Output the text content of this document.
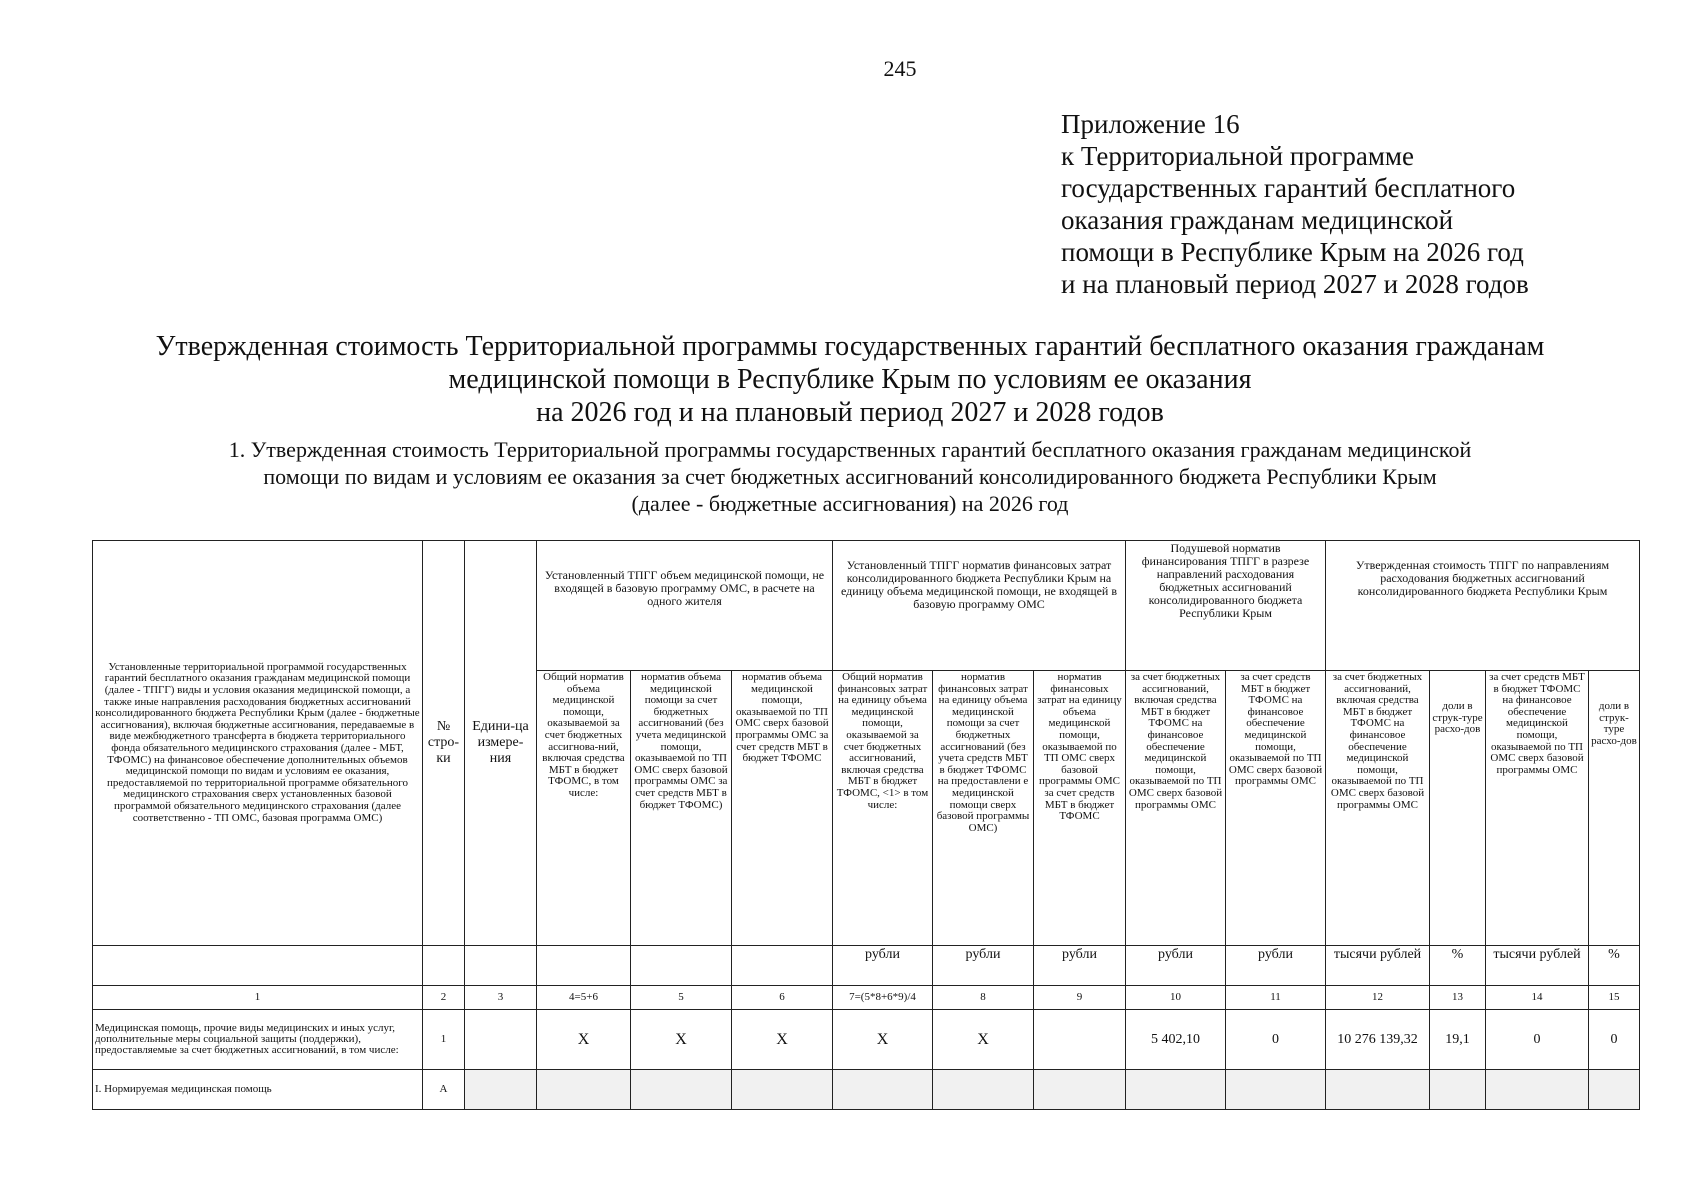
245
Приложение 16
к Территориальной программе
государственных гарантий бесплатного
оказания гражданам медицинской
помощи в Республике Крым на 2026 год
и на плановый период 2027 и 2028 годов
Утвержденная стоимость Территориальной программы государственных гарантий бесплатного оказания гражданам
медицинской помощи в Республике Крым по условиям ее оказания
на 2026 год и на плановый период 2027 и 2028 годов
1. Утвержденная стоимость Территориальной программы государственных гарантий бесплатного оказания гражданам медицинской
помощи по видам и условиям ее оказания за счет бюджетных ассигнований консолидированного бюджета Республики Крым
(далее - бюджетные ассигнования) на 2026 год
Установленные территориальной программой государственных гарантий бесплатного оказания гражданам медицинской помощи (далее - ТПГГ) виды и условия оказания медицинской помощи, а также иные направления расходования бюджетных ассигнований консолидированного бюджета Республики Крым (далее - бюджетные ассигнования), включая бюджетные ассигнования, передаваемые в виде межбюджетного трансферта в бюджета территориального фонда обязательного медицинского страхования (далее - МБТ, ТФОМС) на финансовое обеспечение дополнительных объемов медицинской помощи по видам и условиям ее оказания, предоставляемой по территориальной программе обязательного медицинского страхования сверх установленных базовой программой обязательного медицинского страхования (далее соответственно - ТП ОМС, базовая программа ОМС)	№ стро-ки	Едини-ца измере-ния	Установленный ТПГГ объем медицинской помощи, не входящей в базовую программу ОМС, в расчете на одного жителя			Установленный ТПГГ норматив финансовых затрат консолидированного бюджета Республики Крым на единицу объема медицинской помощи, не входящей в базовую программу ОМС			Подушевой норматив финансирования ТПГГ в разрезе направлений расходования бюджетных ассигнований консолидированного бюджета Республики Крым		Утвержденная стоимость ТПГГ по направлениям расходования бюджетных ассигнований консолидированного бюджета Республики Крым			
			Общий норматив объема медицинской помощи, оказываемой за счет бюджетных ассигнова-ний, включая средства МБТ в бюджет ТФОМС, в том числе:	норматив объема медицинской помощи за счет бюджетных ассигнований (без учета медицинской помощи, оказываемой по ТП ОМС сверх базовой программы ОМС за счет средств МБТ в бюджет ТФОМС)	норматив объема медицинской помощи, оказываемой по ТП ОМС сверх базовой программы ОМС за счет средств МБТ в бюджет ТФОМС	Общий норматив финансовых затрат на единицу объема медицинской помощи, оказываемой за счет бюджетных ассигнований, включая средства МБТ в бюджет ТФОМС, <1> в том числе:	норматив финансовых затрат на единицу объема медицинской помощи за счет бюджетных ассигнований (без учета средств МБТ в бюджет ТФОМС на предоставлени е медицинской помощи сверх базовой программы ОМС)	норматив финансовых затрат на единицу объема медицинской помощи, оказываемой по ТП ОМС сверх базовой программы ОМС за счет средств МБТ в бюджет ТФОМС	за счет бюджетных ассигнований, включая средства МБТ в бюджет ТФОМС на финансовое обеспечение медицинской помощи, оказываемой по ТП ОМС сверх базовой программы ОМС	за счет средств МБТ в бюджет ТФОМС на финансовое обеспечение медицинской помощи, оказываемой по ТП ОМС сверх базовой программы ОМС	за счет бюджетных ассигнований, включая средства МБТ в бюджет ТФОМС на финансовое обеспечение медицинской помощи, оказываемой по ТП ОМС сверх базовой программы ОМС	доли в струк-туре расхо-дов	за счет средств МБТ в бюджет ТФОМС на финансовое обеспечение медицинской помощи, оказываемой по ТП ОМС сверх базовой программы ОМС	доли в струк-туре расхо-дов
						рубли	рубли	рубли	рубли	рубли	тысячи рублей	%	тысячи рублей	%
1	2	3	4=5+6	5	6	7=(5*8+6*9)/4	8	9	10	11	12	13	14	15
Медицинская помощь, прочие виды медицинских и иных услуг, дополнительные меры социальной защиты (поддержки), предоставляемые за счет бюджетных ассигнований, в том числе:	1		Х	Х	Х	Х	Х		5 402,10	0	10 276 139,32	19,1	0	0
I. Нормируемая медицинская помощь	А													
